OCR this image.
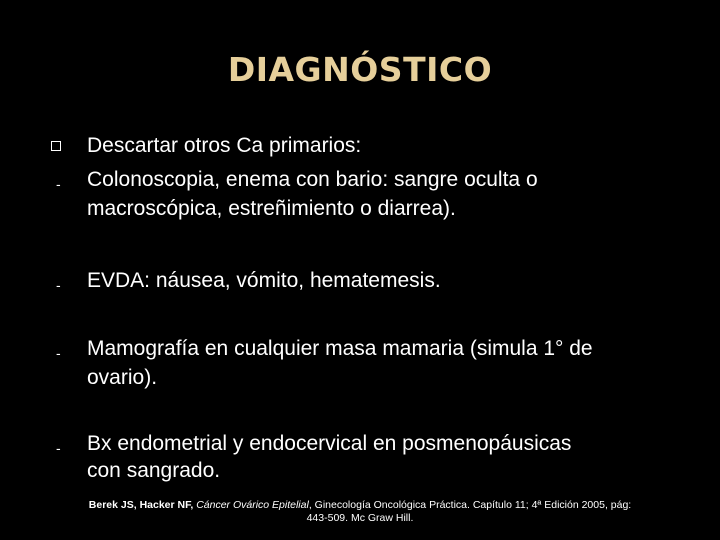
DIAGNÓSTICO
Descartar otros Ca primarios:
- Colonoscopia, enema con bario: sangre oculta o
macroscópica, estreñimiento o diarrea).
- EVDA: náusea, vómito, hematemesis.
- Mamografía en cualquier masa mamaria (simula 1° de
ovario).
- Bx endometrial y endocervical en posmenopáusicas
con sangrado.
Berek JS, Hacker NF, Cáncer Ovárico Epitelial, Ginecología Oncológica Práctica. Capítulo 11; 4ª Edición 2005, pág:
443-509. Mc Graw Hill.
